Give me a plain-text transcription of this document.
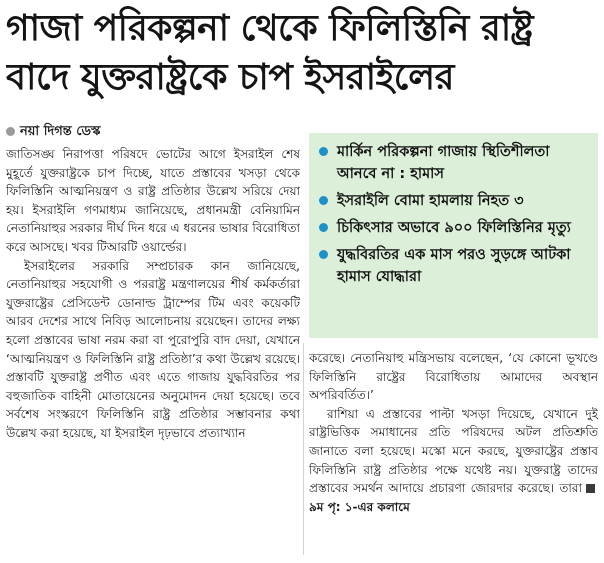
গাজা পরিকল্পনা থেকে ফিলিস্তিনি রাষ্ট্র
বাদে যুক্তরাষ্ট্রকে চাপ ইসরাইলের
নয়া দিগন্ত ডেস্ক

জাতিসঙ্ঘ নিরাপত্তা পরিষদে ভোটের আগে ইসরাইল শেষ মুহূর্তে যুক্তরাষ্ট্রকে চাপ দিচ্ছে, যাতে প্রস্তাবের খসড়া থেকে ফিলিস্তিনি আত্মনিয়ন্ত্রণ ও রাষ্ট্র প্রতিষ্ঠার উল্লেখ সরিয়ে দেয়া হয়। ইসরাইলি গণমাধ্যম জানিয়েছে, প্রধানমন্ত্রী বেনিয়ামিন নেতানিয়াহুর সরকার দীর্ঘ দিন ধরে এ ধরনের ভাষার বিরোধিতা করে আসছে। খবর টিআরটি ওয়ার্ল্ডের।

ইসরাইলের সরকারি সম্প্রচারক কান জানিয়েছে, নেতানিয়াহুর সহযোগী ও পররাষ্ট্র মন্ত্রণালয়ের শীর্ষ কর্মকর্তারা যুক্তরাষ্ট্রের প্রেসিডেন্ট ডোনাল্ড ট্রাম্পের টিম এবং কয়েকটি আরব দেশের সাথে নিবিড় আলোচনায় রয়েছেন। তাদের লক্ষ্য হলো প্রস্তাবের ভাষা নরম করা বা পুরোপুরি বাদ দেয়া, যেখানে ‘আত্মনিয়ন্ত্রণ ও ফিলিস্তিনি রাষ্ট্র প্রতিষ্ঠা’র কথা উল্লেখ রয়েছে। প্রস্তাবটি যুক্তরাষ্ট্র প্রণীত এবং এতে গাজায় যুদ্ধবিরতির পর বহুজাতিক বাহিনী মোতায়েনের অনুমোদন দেয়া হয়েছে। তবে সর্বশেষ সংস্করণে ফিলিস্তিনি রাষ্ট্র প্রতিষ্ঠার সম্ভাবনার কথা উল্লেখ করা হয়েছে, যা ইসরাইল দৃঢ়ভাবে প্রত্যাখ্যান

মার্কিন পরিকল্পনা গাজায় স্থিতিশীলতা আনবে না : হামাস
ইসরাইলি বোমা হামলায় নিহত ৩
চিকিৎসার অভাবে ৯০০ ফিলিস্তিনির মৃত্যু
যুদ্ধবিরতির এক মাস পরও সুড়ঙ্গে আটকা হামাস যোদ্ধারা

করেছে। নেতানিয়াহু মন্ত্রিসভায় বলেছেন, ‘যে কোনো ভূখণ্ডে ফিলিস্তিনি রাষ্ট্রের বিরোধিতায় আমাদের অবস্থান অপরিবর্তিত।’

রাশিয়া এ প্রস্তাবের পাল্টা খসড়া দিয়েছে, যেখানে দুই রাষ্ট্রভিত্তিক সমাধানের প্রতি পরিষদের অটল প্রতিশ্রুতি জানাতে বলা হয়েছে। মস্কো মনে করছে, যুক্তরাষ্ট্রের প্রস্তাব ফিলিস্তিনি রাষ্ট্র প্রতিষ্ঠার পক্ষে যথেষ্ট নয়। যুক্তরাষ্ট্র তাদের প্রস্তাবের সমর্থন আদায়ে প্রচারণা জোরদার করেছে। তারা৯ম পৃ: ১-এর কলামে
